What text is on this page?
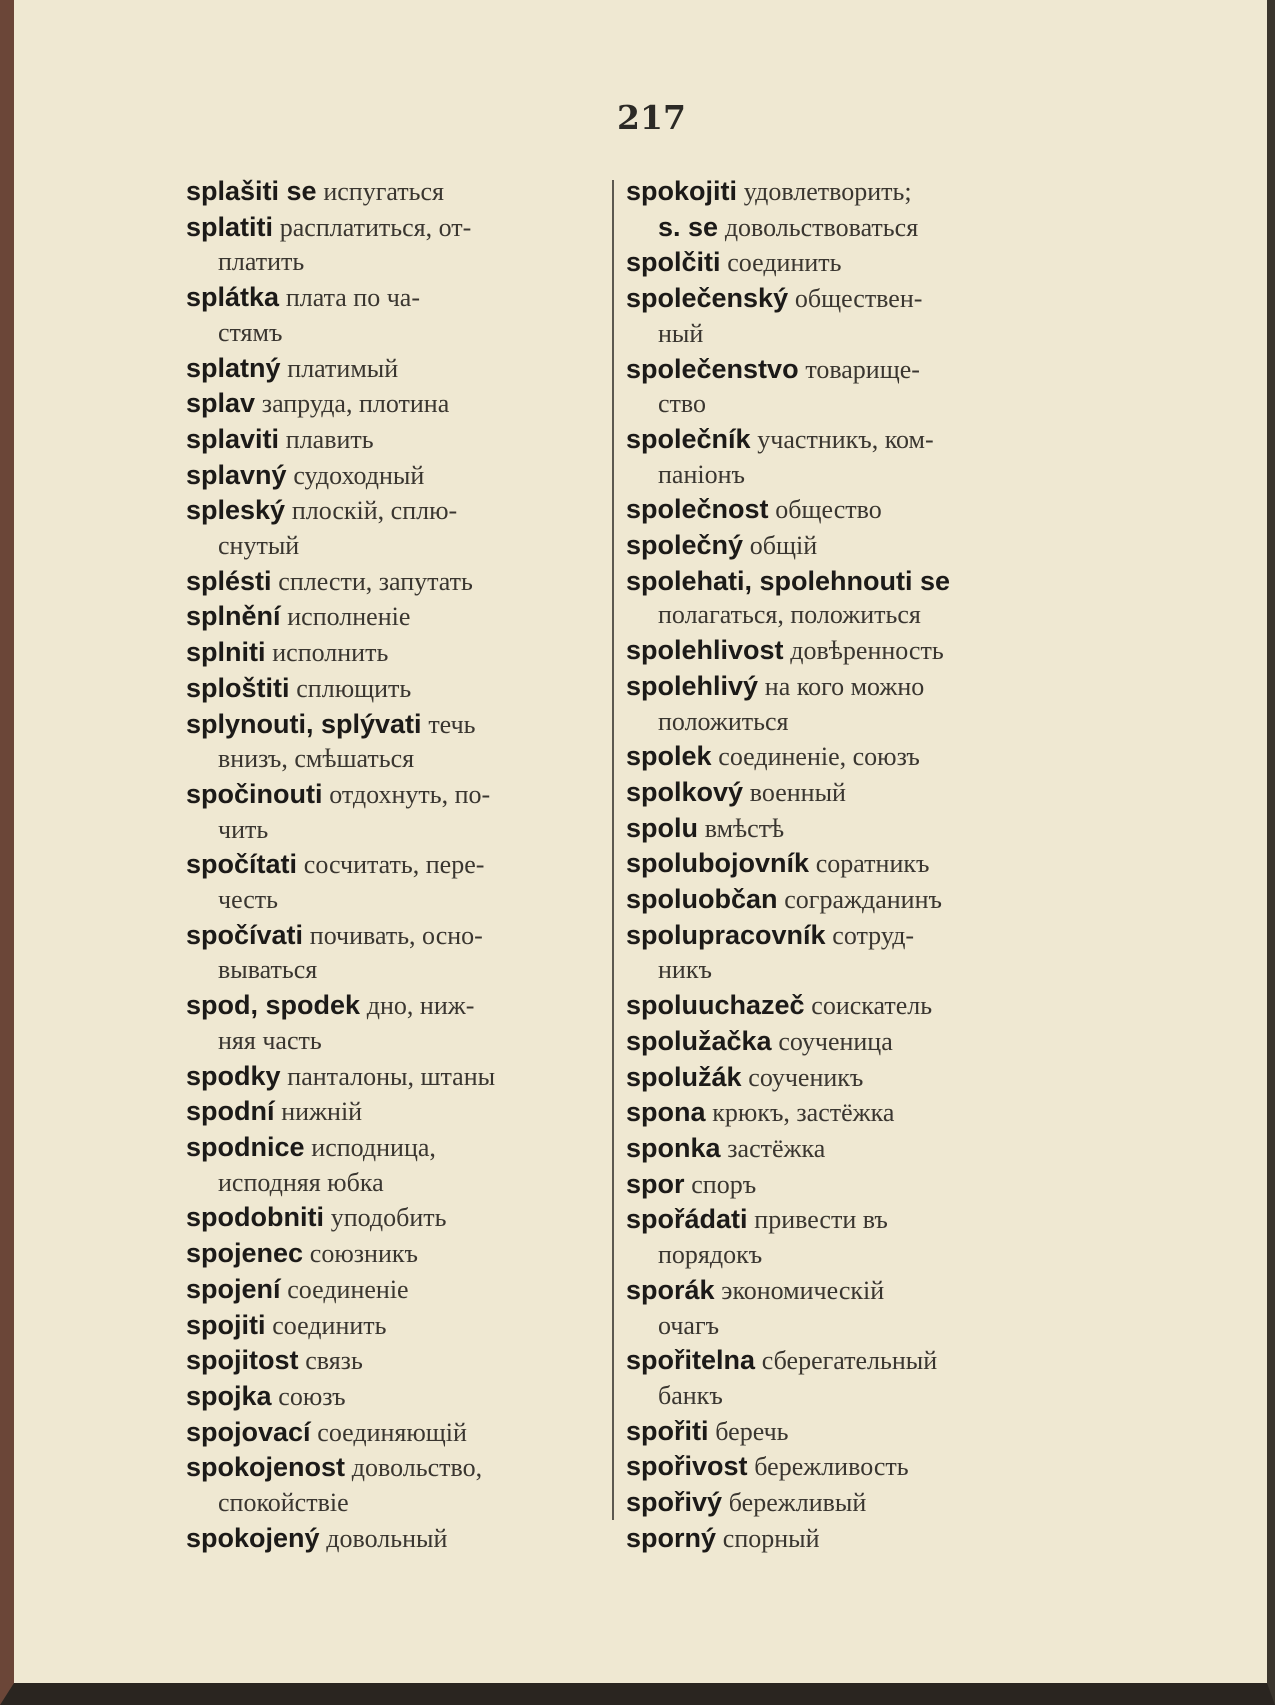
217
splašiti se испугаться
splatiti расплатиться, от-
платить
splátka плата по ча-
стямъ
splatný платимый
splav запруда, плотина
splaviti плавить
splavný судоходный
spleský плоскій, сплю-
снутый
splésti сплести, запутать
splnění исполненіе
splniti исполнить
sploštiti сплющить
splynouti, splývati течь
внизъ, смѣшаться
spočinouti отдохнуть, по-
чить
spočítati сосчитать, пере-
честь
spočívati почивать, осно-
вываться
spod, spodek дно, ниж-
няя часть
spodky панталоны, штаны
spodní нижній
spodnice исподница,
исподняя юбка
spodobniti уподобить
spojenec союзникъ
spojení соединеніе
spojiti соединить
spojitost связь
spojka союзъ
spojovací соединяющій
spokojenost довольство,
спокойствіе
spokojený довольный
spokojiti удовлетворить;
s. se довольствоваться
spolčiti соединить
společenský обществен-
ный
společenstvo товарище-
ство
společník участникъ, ком-
паніонъ
společnost общество
společný общій
spolehati, spolehnouti se
полагаться, положиться
spolehlivost довѣренность
spolehlivý на кого можно
положиться
spolek соединеніе, союзъ
spolkový военный
spolu вмѣстѣ
spolubojovník соратникъ
spoluobčan согражданинъ
spolupracovník сотруд-
никъ
spoluuchazeč соискатель
spolužačka соученица
spolužák соученикъ
spona крюкъ, застёжка
sponka застёжка
spor споръ
spořádati привести въ
порядокъ
sporák экономическій
очагъ
spořitelna сберегательный
банкъ
spořiti беречь
spořivost бережливость
spořivý бережливый
sporný спорный
